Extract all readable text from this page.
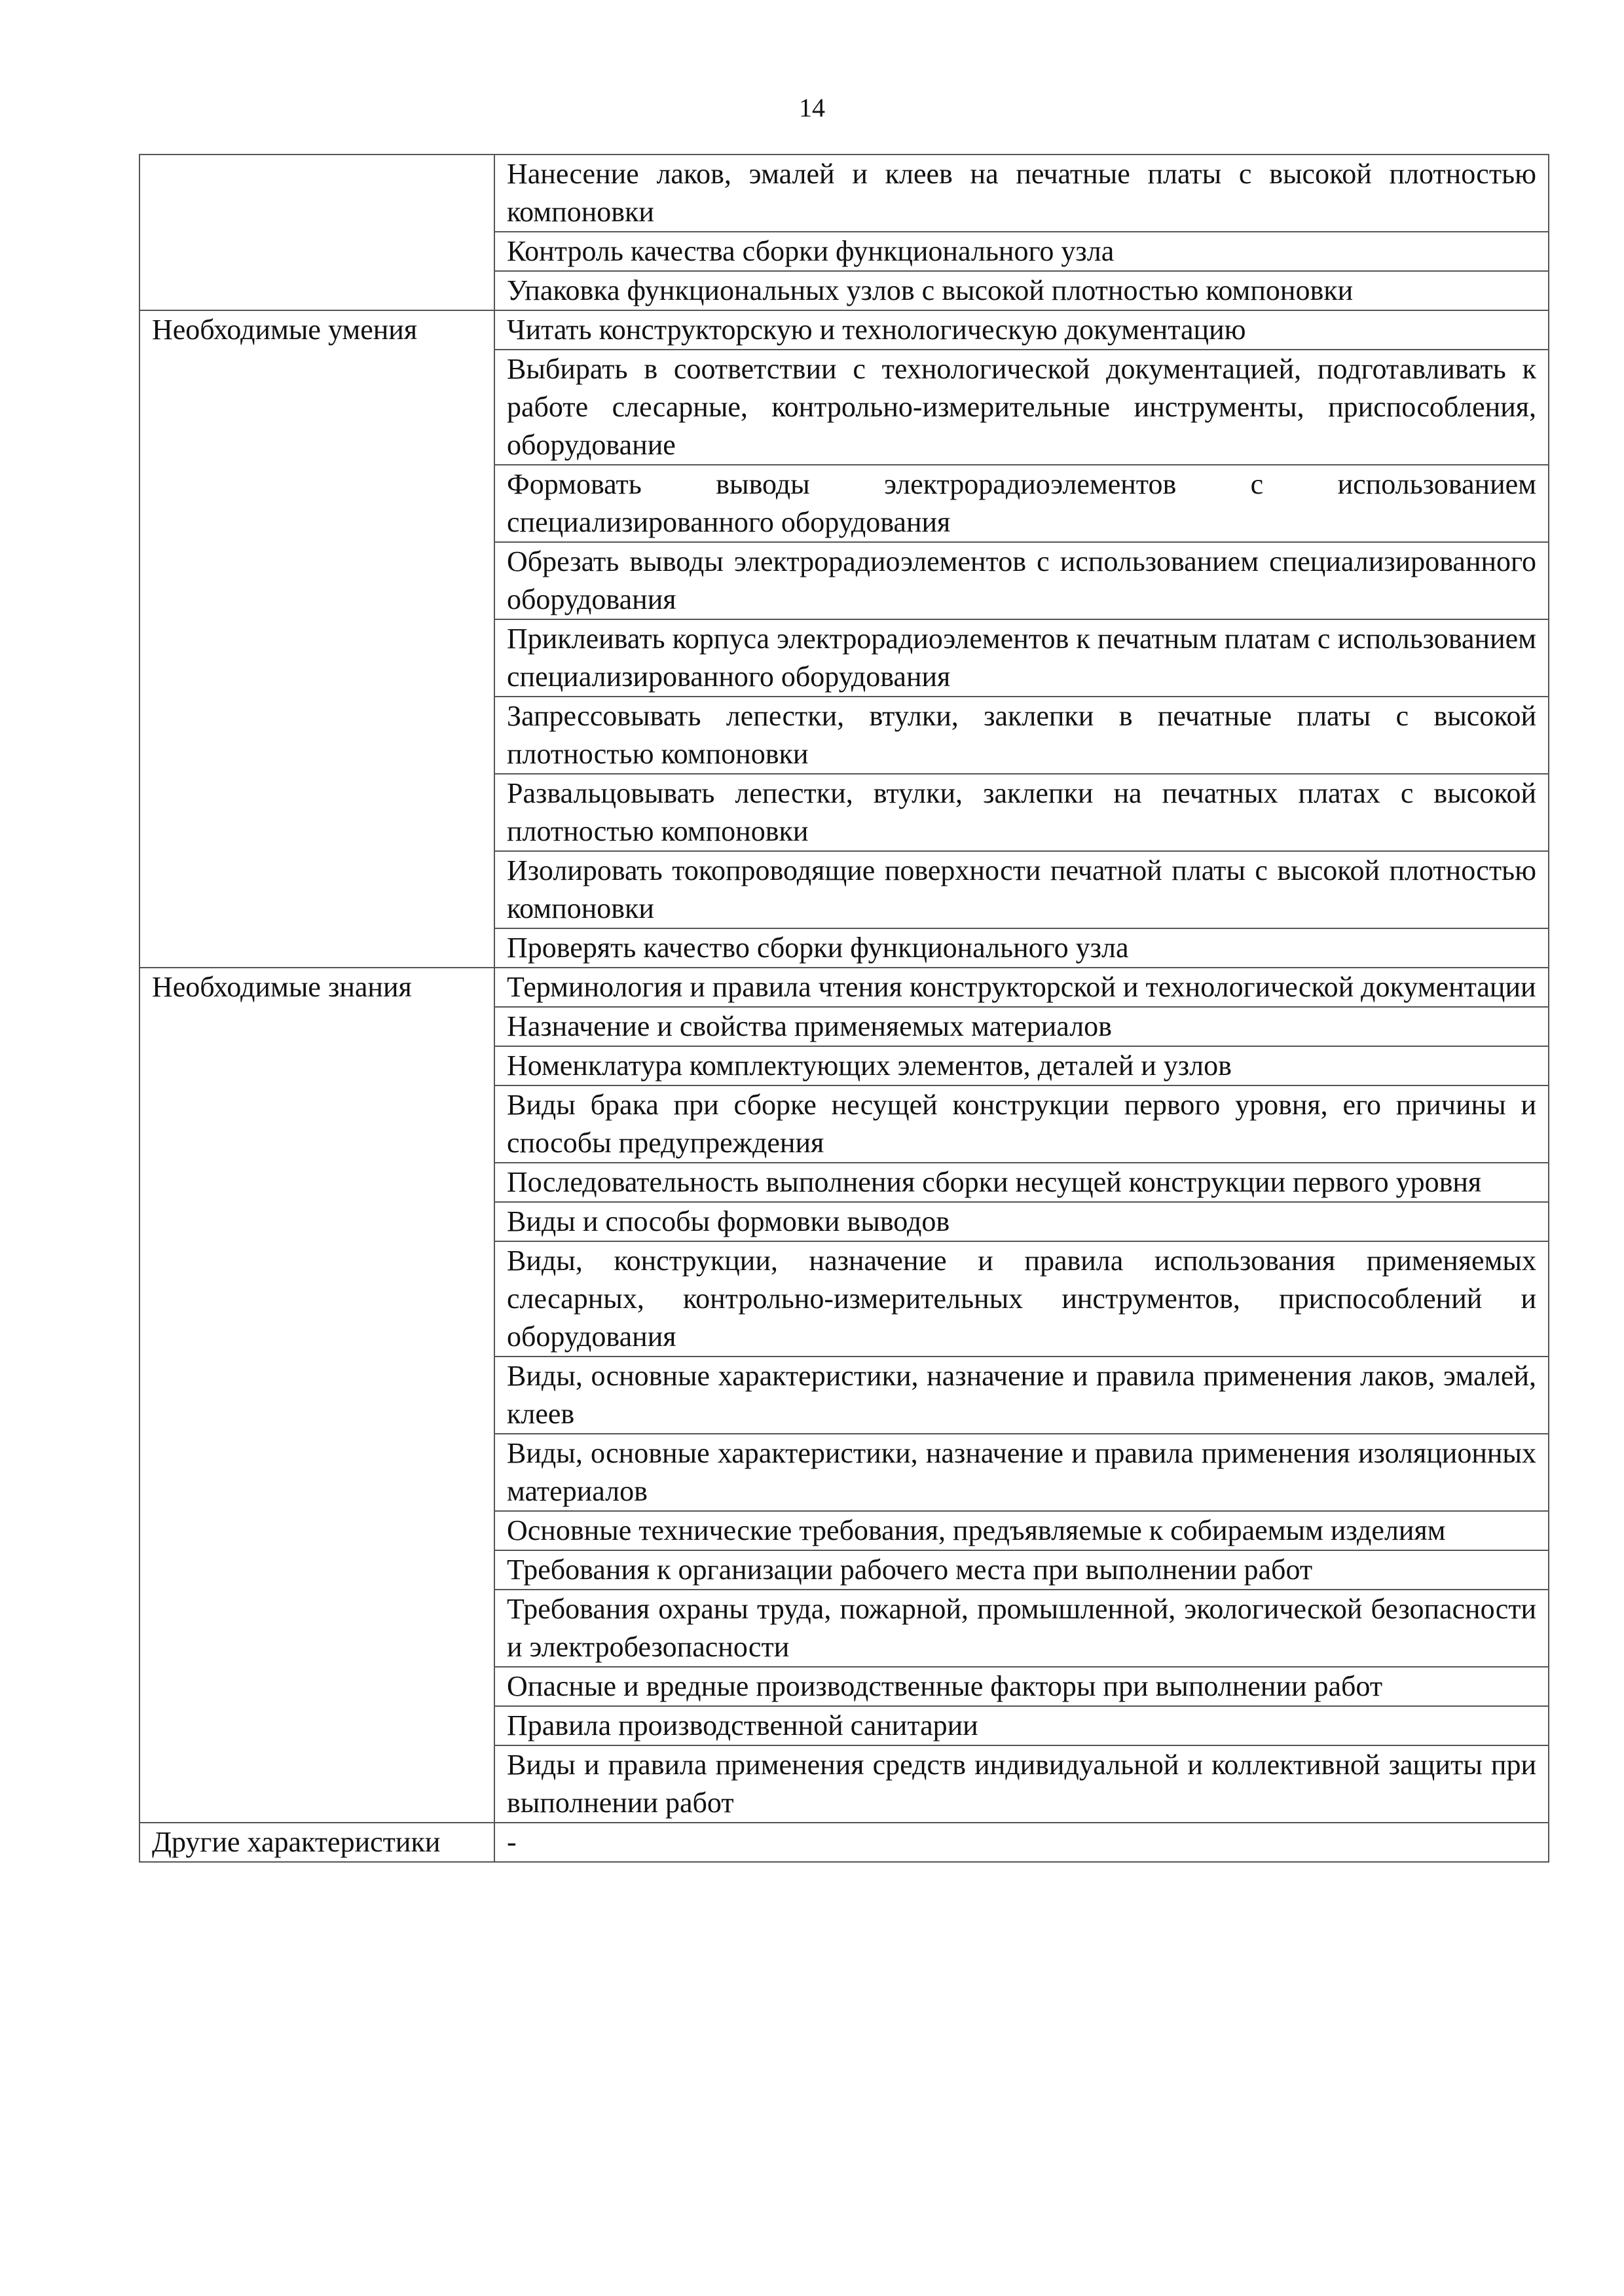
14
	Нанесение лаков, эмалей и клеев на печатные платы с высокой плотностью компоновки
	Контроль качества сборки функционального узла
	Упаковка функциональных узлов с высокой плотностью компоновки
Необходимые умения	Читать конструкторскую и технологическую документацию
	Выбирать в соответствии с технологической документацией, подготавливать к работе слесарные, контрольно-измерительные инструменты, приспособления, оборудование
	Формовать выводы электрорадиоэлементов с использованием специализированного оборудования
	Обрезать выводы электрорадиоэлементов с использованием специализированного оборудования
	Приклеивать корпуса электрорадиоэлементов к печатным платам с использованием специализированного оборудования
	Запрессовывать лепестки, втулки, заклепки в печатные платы с высокой плотностью компоновки
	Развальцовывать лепестки, втулки, заклепки на печатных платах с высокой плотностью компоновки
	Изолировать токопроводящие поверхности печатной платы с высокой плотностью компоновки
	Проверять качество сборки функционального узла
Необходимые знания	Терминология и правила чтения конструкторской и технологической документации
	Назначение и свойства применяемых материалов
	Номенклатура комплектующих элементов, деталей и узлов
	Виды брака при сборке несущей конструкции первого уровня, его причины и способы предупреждения
	Последовательность выполнения сборки несущей конструкции первого уровня
	Виды и способы формовки выводов
	Виды, конструкции, назначение и правила использования применяемых слесарных, контрольно-измерительных инструментов, приспособлений и оборудования
	Виды, основные характеристики, назначение и правила применения лаков, эмалей, клеев
	Виды, основные характеристики, назначение и правила применения изоляционных материалов
	Основные технические требования, предъявляемые к собираемым изделиям
	Требования к организации рабочего места при выполнении работ
	Требования охраны труда, пожарной, промышленной, экологической безопасности и электробезопасности
	Опасные и вредные производственные факторы при выполнении работ
	Правила производственной санитарии
	Виды и правила применения средств индивидуальной и коллективной защиты при выполнении работ
Другие характеристики	-
